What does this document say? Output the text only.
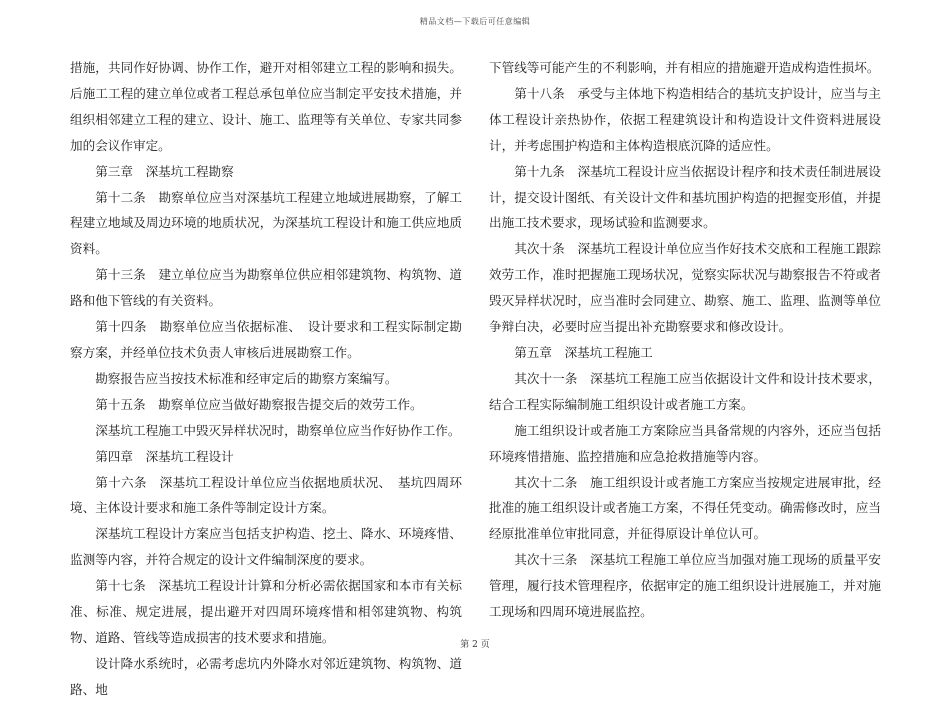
精品文档—下载后可任意编辑

措施，共同作好协调、协作工作，避开对相邻建立工程的影响和损失。后施工工程的建立单位或者工程总承包单位应当制定平安技术措施，并组织相邻建立工程的建立、设计、施工、监理等有关单位、专家共同参加的会议作审定。

第三章　深基坑工程勘察

第十二条　勘察单位应当对深基坑工程建立地域进展勘察，了解工程建立地域及周边环境的地质状况，为深基坑工程设计和施工供应地质资料。

第十三条　建立单位应当为勘察单位供应相邻建筑物、构筑物、道路和他下管线的有关资料。

第十四条　勘察单位应当依据标准、　设计要求和工程实际制定勘察方案，并经单位技术负责人审核后进展勘察工作。

勘察报告应当按技术标准和经审定后的勘察方案编写。

第十五条　勘察单位应当做好勘察报告提交后的效劳工作。

深基坑工程施工中毁灭异样状况时，勘察单位应当作好协作工作。

第四章　深基坑工程设计

第十六条　深基坑工程设计单位应当依据地质状况、　基坑四周环境、主体设计要求和施工条件等制定设计方案。

深基坑工程设计方案应当包括支护构造、挖土、降水、环境疼惜、监测等内容，并符合规定的设计文件编制深度的要求。

第十七条　深基坑工程设计计算和分析必需依据国家和本市有关标准、标准、规定进展，提出避开对四周环境疼惜和相邻建筑物、构筑物、道路、管线等造成损害的技术要求和措施。

设计降水系统时，必需考虑坑内外降水对邻近建筑物、构筑物、道路、地

下管线等可能产生的不利影响，并有相应的措施避开造成构造性损坏。

第十八条　承受与主体地下构造相结合的基坑支护设计，应当与主体工程设计亲热协作，依据工程建筑设计和构造设计文件资料进展设计，并考虑围护构造和主体构造根底沉降的适应性。

第十九条　深基坑工程设计应当依据设计程序和技术责任制进展设计，提交设计图纸、有关设计文件和基坑围护构造的把握变形值，并提出施工技术要求，现场试验和监测要求。

其次十条　深基坑工程设计单位应当作好技术交底和工程施工跟踪效劳工作，准时把握施工现场状况，觉察实际状况与勘察报告不符或者毁灭异样状况时，应当准时会同建立、勘察、施工、监理、监测等单位争辩白决，必要时应当提出补充勘察要求和修改设计。

第五章　深基坑工程施工

其次十一条　深基坑工程施工应当依据设计文件和设计技术要求，结合工程实际编制施工组织设计或者施工方案。

施工组织设计或者施工方案除应当具备常规的内容外，还应当包括环境疼惜措施、监控措施和应急抢救措施等内容。

其次十二条　施工组织设计或者施工方案应当按规定进展审批，经批准的施工组织设计或者施工方案，不得任凭变动。确需修改时，应当经原批准单位审批同意，并征得原设计单位认可。

其次十三条　深基坑工程施工单位应当加强对施工现场的质量平安管理，履行技术管理程序，依据审定的施工组织设计进展施工，并对施工现场和四周环境进展监控。

第 2 页
